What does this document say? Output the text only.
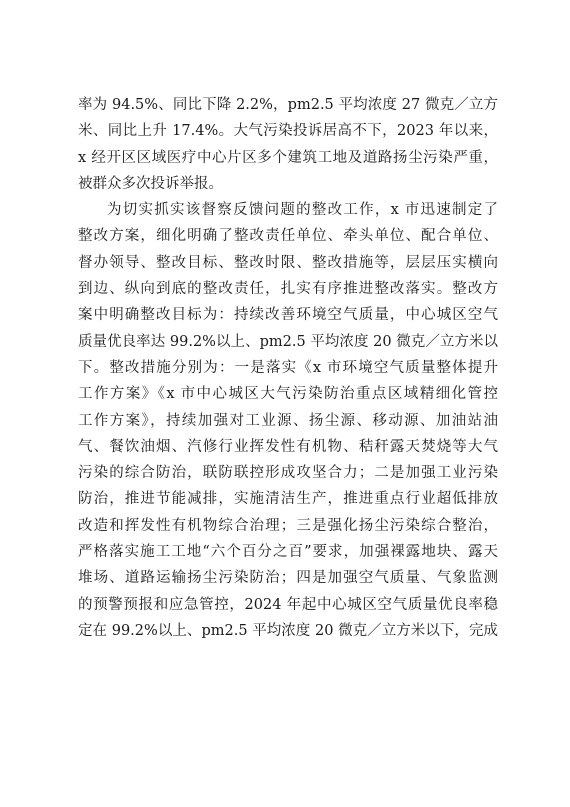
率为 94.5%、同比下降 2.2%，pm2.5 平均浓度 27 微克／立方
米、同比上升 17.4%。大气污染投诉居高不下，2023 年以来，
x 经开区区域医疗中心片区多个建筑工地及道路扬尘污染严重，
被群众多次投诉举报。

为切实抓实该督察反馈问题的整改工作，x 市迅速制定了
整改方案，细化明确了整改责任单位、牵头单位、配合单位、
督办领导、整改目标、整改时限、整改措施等，层层压实横向
到边、纵向到底的整改责任，扎实有序推进整改落实。整改方
案中明确整改目标为：持续改善环境空气质量，中心城区空气
质量优良率达 99.2%以上、pm2.5 平均浓度 20 微克／立方米以
下。整改措施分别为：一是落实《x 市环境空气质量整体提升
工作方案》《x 市中心城区大气污染防治重点区域精细化管控
工作方案》，持续加强对工业源、扬尘源、移动源、加油站油
气、餐饮油烟、汽修行业挥发性有机物、秸秆露天焚烧等大气
污染的综合防治，联防联控形成攻坚合力；二是加强工业污染
防治，推进节能减排，实施清洁生产，推进重点行业超低排放
改造和挥发性有机物综合治理；三是强化扬尘污染综合整治，
严格落实施工工地“六个百分之百”要求，加强裸露地块、露天
堆场、道路运输扬尘污染防治；四是加强空气质量、气象监测
的预警预报和应急管控，2024 年起中心城区空气质量优良率稳
定在 99.2%以上、pm2.5 平均浓度 20 微克／立方米以下，完成
